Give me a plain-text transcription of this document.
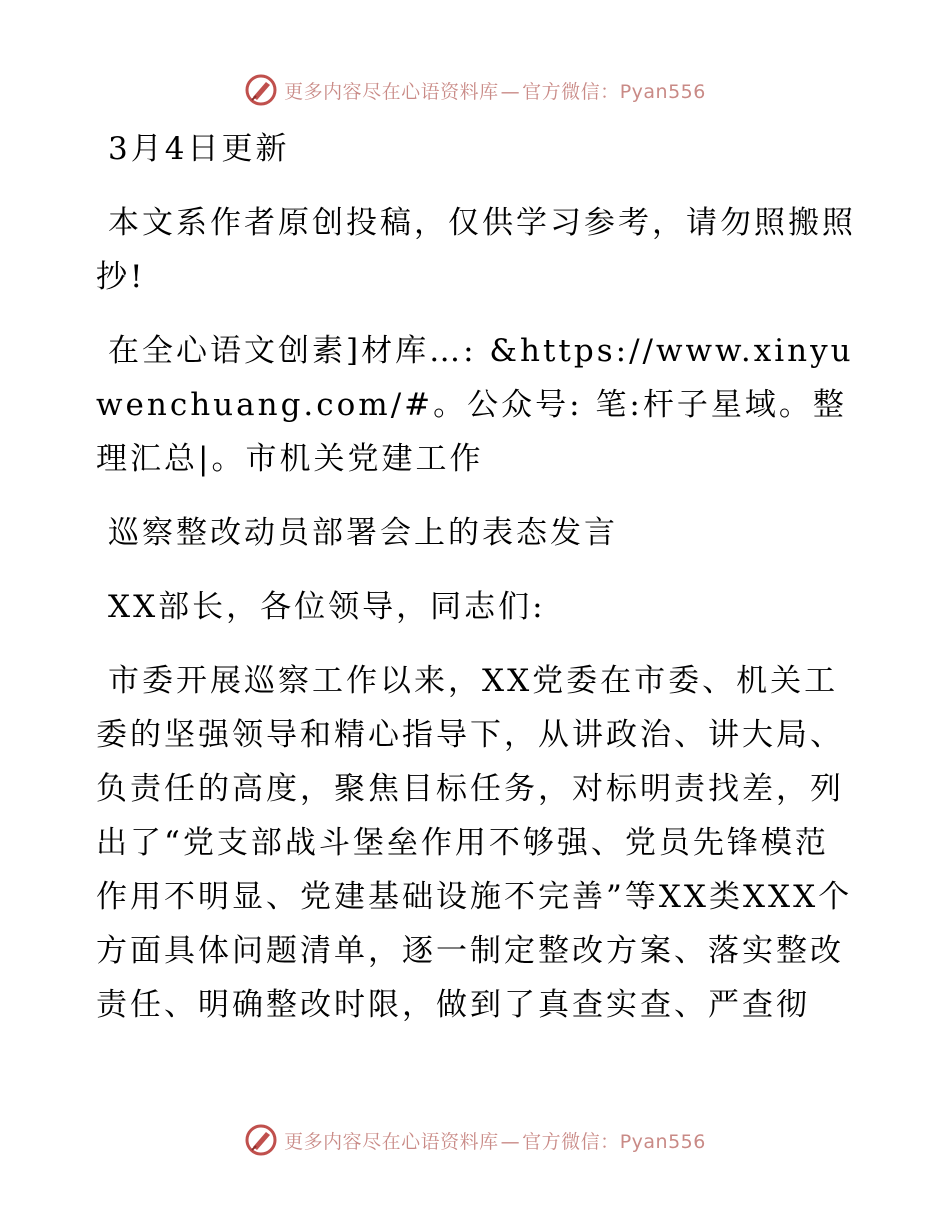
更多内容尽在心语资料库 — 官方微信：Pyan556

3月4日更新

本文系作者原创投稿，仅供学习参考，请勿照搬照抄!

在全心语文创素]材库…: &https://www.xinyuwenchuang.com/#。公众号: 笔:杆子星域。整理汇总|。市机关党建工作

巡察整改动员部署会上的表态发言

XX部长，各位领导，同志们:

市委开展巡察工作以来，XX党委在市委、机关工委的坚强领导和精心指导下，从讲政治、讲大局、负责任的高度，聚焦目标任务，对标明责找差，列出了“党支部战斗堡垒作用不够强、党员先锋模范作用不明显、党建基础设施不完善”等XX类XXX个方面具体问题清单，逐一制定整改方案、落实整改责任、明确整改时限，做到了真查实查、严查彻

更多内容尽在心语资料库 — 官方微信：Pyan556
